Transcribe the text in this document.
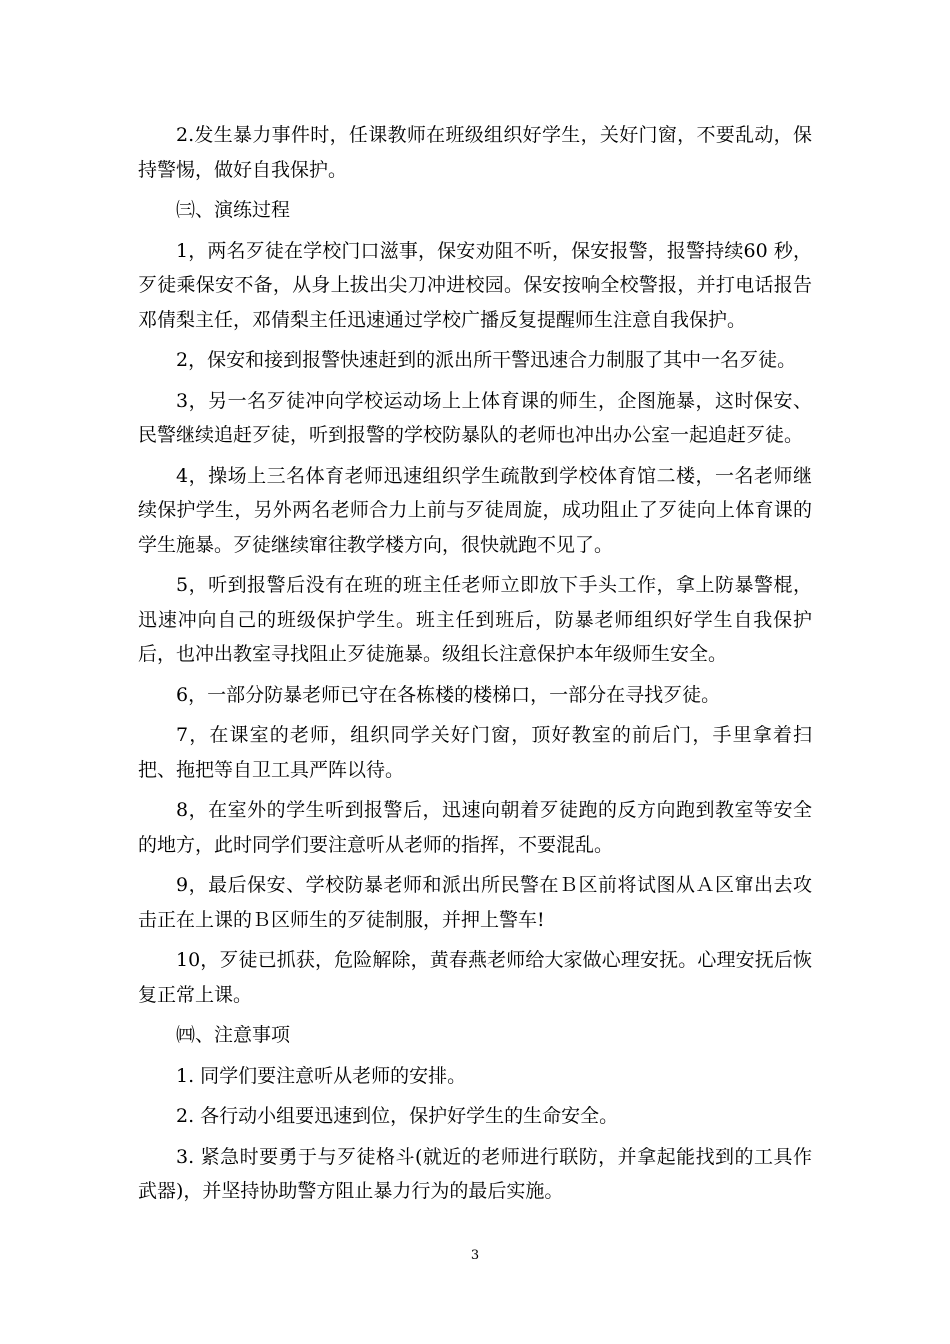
2.发生暴力事件时，任课教师在班级组织好学生，关好门窗，不要乱动，保持警惕，做好自我保护。

㈢、演练过程

1，两名歹徒在学校门口滋事，保安劝阻不听，保安报警，报警持续60 秒，歹徒乘保安不备，从身上拔出尖刀冲进校园。保安按响全校警报，并打电话报告邓倩梨主任，邓倩梨主任迅速通过学校广播反复提醒师生注意自我保护。

2，保安和接到报警快速赶到的派出所干警迅速合力制服了其中一名歹徒。

3，另一名歹徒冲向学校运动场上上体育课的师生，企图施暴，这时保安、民警继续追赶歹徒，听到报警的学校防暴队的老师也冲出办公室一起追赶歹徒。

4，操场上三名体育老师迅速组织学生疏散到学校体育馆二楼，一名老师继续保护学生，另外两名老师合力上前与歹徒周旋，成功阻止了歹徒向上体育课的学生施暴。歹徒继续窜往教学楼方向，很快就跑不见了。

5，听到报警后没有在班的班主任老师立即放下手头工作，拿上防暴警棍，迅速冲向自己的班级保护学生。班主任到班后，防暴老师组织好学生自我保护后，也冲出教室寻找阻止歹徒施暴。级组长注意保护本年级师生安全。

6，一部分防暴老师已守在各栋楼的楼梯口，一部分在寻找歹徒。

7，在课室的老师，组织同学关好门窗，顶好教室的前后门，手里拿着扫把、拖把等自卫工具严阵以待。

8，在室外的学生听到报警后，迅速向朝着歹徒跑的反方向跑到教室等安全的地方，此时同学们要注意听从老师的指挥，不要混乱。

9，最后保安、学校防暴老师和派出所民警在Ｂ区前将试图从Ａ区窜出去攻击正在上课的Ｂ区师生的歹徒制服，并押上警车!

10，歹徒已抓获，危险解除，黄春燕老师给大家做心理安抚。心理安抚后恢复正常上课。

㈣、注意事项

1. 同学们要注意听从老师的安排。

2. 各行动小组要迅速到位，保护好学生的生命安全。

3. 紧急时要勇于与歹徒格斗(就近的老师进行联防，并拿起能找到的工具作武器)，并坚持协助警方阻止暴力行为的最后实施。

3
